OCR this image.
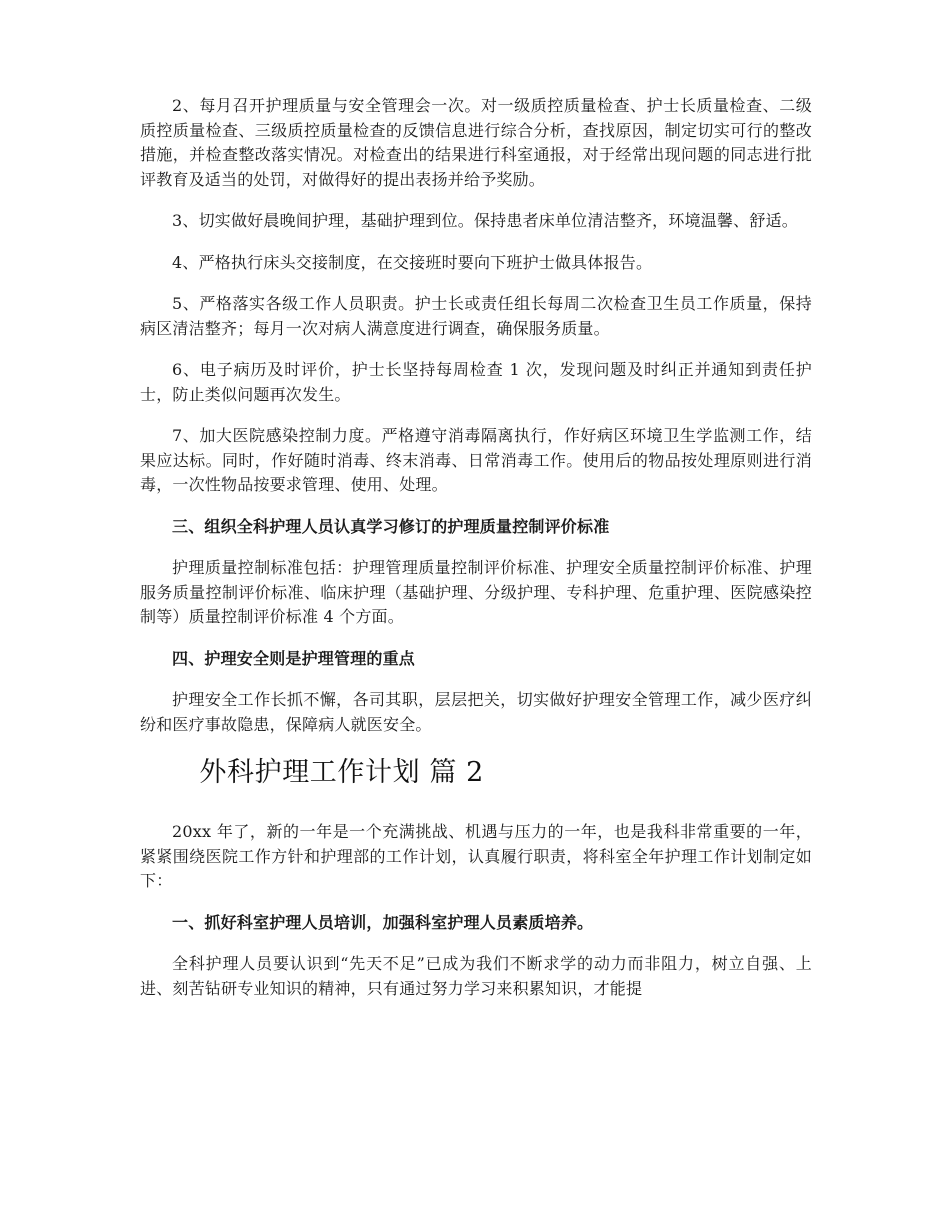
2、每月召开护理质量与安全管理会一次。对一级质控质量检查、护士长质量检查、二级质控质量检查、三级质控质量检查的反馈信息进行综合分析，查找原因，制定切实可行的整改措施，并检查整改落实情况。对检查出的结果进行科室通报，对于经常出现问题的同志进行批评教育及适当的处罚，对做得好的提出表扬并给予奖励。

3、切实做好晨晚间护理，基础护理到位。保持患者床单位清洁整齐，环境温馨、舒适。

4、严格执行床头交接制度，在交接班时要向下班护士做具体报告。

5、严格落实各级工作人员职责。护士长或责任组长每周二次检查卫生员工作质量，保持病区清洁整齐；每月一次对病人满意度进行调查，确保服务质量。

6、电子病历及时评价，护士长坚持每周检查 1 次，发现问题及时纠正并通知到责任护士，防止类似问题再次发生。

7、加大医院感染控制力度。严格遵守消毒隔离执行，作好病区环境卫生学监测工作，结果应达标。同时，作好随时消毒、终末消毒、日常消毒工作。使用后的物品按处理原则进行消毒，一次性物品按要求管理、使用、处理。

三、组织全科护理人员认真学习修订的护理质量控制评价标准

护理质量控制标准包括：护理管理质量控制评价标准、护理安全质量控制评价标准、护理服务质量控制评价标准、临床护理（基础护理、分级护理、专科护理、危重护理、医院感染控制等）质量控制评价标准 4 个方面。

四、护理安全则是护理管理的重点

护理安全工作长抓不懈，各司其职，层层把关，切实做好护理安全管理工作，减少医疗纠纷和医疗事故隐患，保障病人就医安全。

外科护理工作计划 篇 2

20xx 年了，新的一年是一个充满挑战、机遇与压力的一年，也是我科非常重要的一年，紧紧围绕医院工作方针和护理部的工作计划，认真履行职责，将科室全年护理工作计划制定如下：

一、抓好科室护理人员培训，加强科室护理人员素质培养。

全科护理人员要认识到“先天不足”已成为我们不断求学的动力而非阻力，树立自强、上进、刻苦钻研专业知识的精神，只有通过努力学习来积累知识，才能提
